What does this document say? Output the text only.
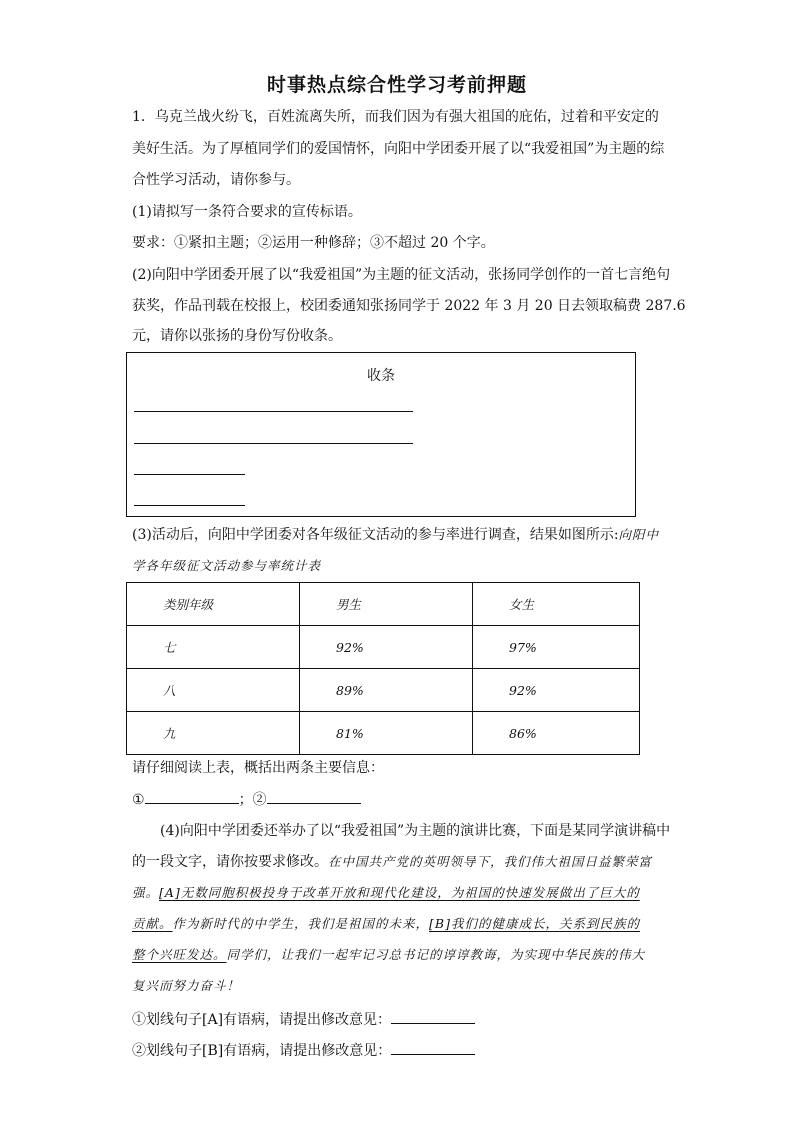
时事热点综合性学习考前押题
1．乌克兰战火纷飞，百姓流离失所，而我们因为有强大祖国的庇佑，过着和平安定的
美好生活。为了厚植同学们的爱国情怀，向阳中学团委开展了以“我爱祖国”为主题的综
合性学习活动，请你参与。
(1)请拟写一条符合要求的宣传标语。
要求：①紧扣主题；②运用一种修辞；③不超过 20 个字。
(2)向阳中学团委开展了以“我爱祖国”为主题的征文活动，张扬同学创作的一首七言绝句
获奖，作品刊载在校报上，校团委通知张扬同学于 2022 年 3 月 20 日去领取稿费 287.6
元，请你以张扬的身份写份收条。
收条
(3)活动后，向阳中学团委对各年级征文活动的参与率进行调查，结果如图所示:向阳中
学各年级征文活动参与率统计表
类别年级	男生	女生
七	92%	97%
八	89%	92%
九	81%	86%
请仔细阅读上表，概括出两条主要信息：
①	；②
(4)向阳中学团委还举办了以“我爱祖国”为主题的演讲比赛，下面是某同学演讲稿中
的一段文字，请你按要求修改。在中国共产党的英明领导下，我们伟大祖国日益繁荣富
强。[A]无数同胞积极投身于改革开放和现代化建设，为祖国的快速发展做出了巨大的
贡献。作为新时代的中学生，我们是祖国的未来，[B]我们的健康成长，关系到民族的
整个兴旺发达。同学们，让我们一起牢记习总书记的谆谆教诲，为实现中华民族的伟大
复兴而努力奋斗！
①划线句子[A]有语病，请提出修改意见：
②划线句子[B]有语病，请提出修改意见：
